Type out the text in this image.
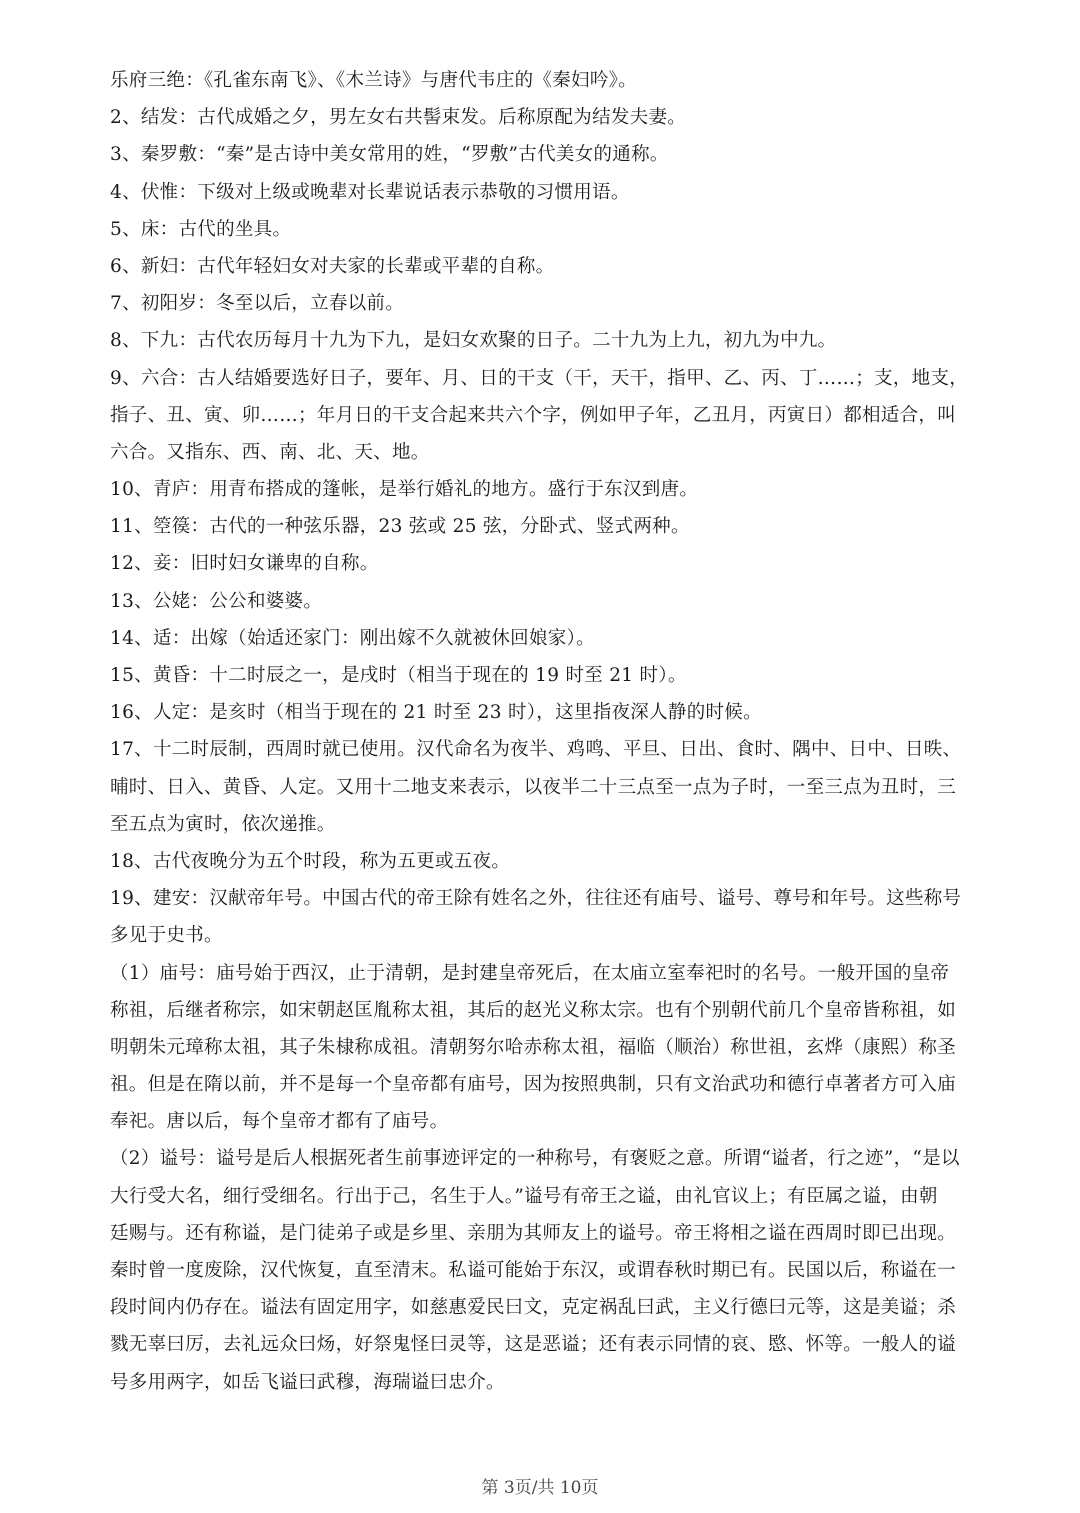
乐府三绝：《孔雀东南飞》、《木兰诗》与唐代韦庄的《秦妇吟》。
2、结发：古代成婚之夕，男左女右共髻束发。后称原配为结发夫妻。
3、秦罗敷：“秦”是古诗中美女常用的姓，“罗敷”古代美女的通称。
4、伏惟：下级对上级或晚辈对长辈说话表示恭敬的习惯用语。
5、床：古代的坐具。
6、新妇：古代年轻妇女对夫家的长辈或平辈的自称。
7、初阳岁：冬至以后，立春以前。
8、下九：古代农历每月十九为下九，是妇女欢聚的日子。二十九为上九，初九为中九。
9、六合：古人结婚要选好日子，要年、月、日的干支（干，天干，指甲、乙、丙、丁……；支，地支，
指子、丑、寅、卯……；年月日的干支合起来共六个字，例如甲子年，乙丑月，丙寅日）都相适合，叫
六合。又指东、西、南、北、天、地。
10、青庐：用青布搭成的篷帐，是举行婚礼的地方。盛行于东汉到唐。
11、箜篌：古代的一种弦乐器，23 弦或 25 弦，分卧式、竖式两种。
12、妾：旧时妇女谦卑的自称。
13、公姥：公公和婆婆。
14、适：出嫁（始适还家门：刚出嫁不久就被休回娘家）。
15、黄昏：十二时辰之一，是戌时（相当于现在的 19 时至 21 时）。
16、人定：是亥时（相当于现在的 21 时至 23 时），这里指夜深人静的时候。
17、十二时辰制，西周时就已使用。汉代命名为夜半、鸡鸣、平旦、日出、食时、隅中、日中、日昳、
晡时、日入、黄昏、人定。又用十二地支来表示，以夜半二十三点至一点为子时，一至三点为丑时，三
至五点为寅时，依次递推。
18、古代夜晚分为五个时段，称为五更或五夜。
19、建安：汉献帝年号。中国古代的帝王除有姓名之外，往往还有庙号、谥号、尊号和年号。这些称号
多见于史书。
（1）庙号：庙号始于西汉，止于清朝，是封建皇帝死后，在太庙立室奉祀时的名号。一般开国的皇帝
称祖，后继者称宗，如宋朝赵匡胤称太祖，其后的赵光义称太宗。也有个别朝代前几个皇帝皆称祖，如
明朝朱元璋称太祖，其子朱棣称成祖。清朝努尔哈赤称太祖，福临（顺治）称世祖，玄烨（康熙）称圣
祖。但是在隋以前，并不是每一个皇帝都有庙号，因为按照典制，只有文治武功和德行卓著者方可入庙
奉祀。唐以后，每个皇帝才都有了庙号。
（2）谥号：谥号是后人根据死者生前事迹评定的一种称号，有褒贬之意。所谓“谥者，行之迹”，“是以
大行受大名，细行受细名。行出于己，名生于人。”谥号有帝王之谥，由礼官议上；有臣属之谥，由朝
廷赐与。还有称谥，是门徒弟子或是乡里、亲朋为其师友上的谥号。帝王将相之谥在西周时即已出现。
秦时曾一度废除，汉代恢复，直至清末。私谥可能始于东汉，或谓春秋时期已有。民国以后，称谥在一
段时间内仍存在。谥法有固定用字，如慈惠爱民曰文，克定祸乱曰武，主义行德曰元等，这是美谥；杀
戮无辜曰厉，去礼远众曰炀，好祭鬼怪曰灵等，这是恶谥；还有表示同情的哀、愍、怀等。一般人的谥
号多用两字，如岳飞谥曰武穆，海瑞谥曰忠介。
第 3页/共 10页
